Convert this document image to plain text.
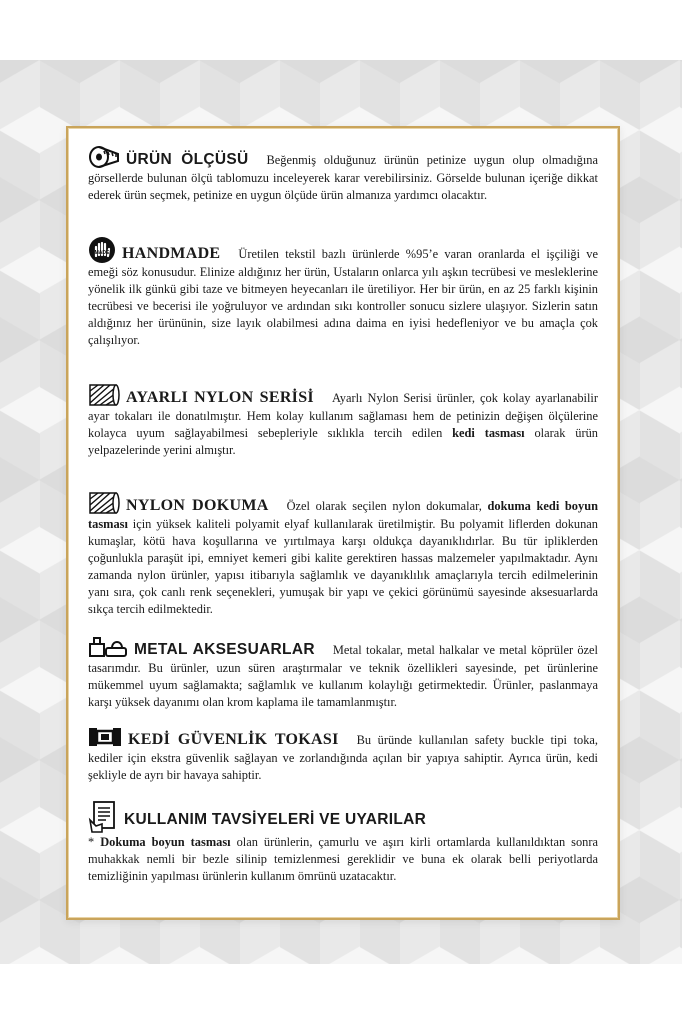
ÜRÜN ÖLÇÜSÜ Beğenmiş olduğunuz ürünün petinize uygun olup olmadığına görsellerde bulunan ölçü tablomuzu inceleyerek karar verebilirsiniz. Görselde bulunan içeriğe dikkat ederek ürün seçmek, petinize en uygun ölçüde ürün almanıza yardımcı olacaktır.

MADE HANDMADE Üretilen tekstil bazlı ürünlerde %95’e varan oranlarda el işçiliği ve emeği söz konusudur. Elinize aldığınız her ürün, Ustaların onlarca yılı aşkın tecrübesi ve mesleklerine yönelik ilk günkü gibi taze ve bitmeyen heyecanları ile üretiliyor. Her bir ürün, en az 25 farklı kişinin tecrübesi ve becerisi ile yoğruluyor ve ardından sıkı kontroller sonucu sizlere ulaşıyor. Sizlerin satın aldığınız her ürününin, size layık olabilmesi adına daima en iyisi hedefleniyor ve bu amaçla çok çalışılıyor.

AYARLI NYLON SERİSİ Ayarlı Nylon Serisi ürünler, çok kolay ayarlanabilir ayar tokaları ile donatılmıştır. Hem kolay kullanım sağlaması hem de petinizin değişen ölçülerine kolayca uyum sağlayabilmesi sebepleriyle sıklıkla tercih edilen kedi tasması olarak ürün yelpazelerinde yerini almıştır.

NYLON DOKUMA Özel olarak seçilen nylon dokumalar, dokuma kedi boyun tasması için yüksek kaliteli polyamit elyaf kullanılarak üretilmiştir. Bu polyamit liflerden dokunan kumaşlar, kötü hava koşullarına ve yırtılmaya karşı oldukça dayanıklıdırlar. Bu tür ipliklerden çoğunlukla paraşüt ipi, emniyet kemeri gibi kalite gerektiren hassas malzemeler yapılmaktadır. Aynı zamanda nylon ürünler, yapısı itibarıyla sağlamlık ve dayanıklılık amaçlarıyla tercih edilmelerinin yanı sıra, çok canlı renk seçenekleri, yumuşak bir yapı ve çekici görünümü sayesinde aksesuarlarda sıkça tercih edilmektedir.

METAL AKSESUARLAR Metal tokalar, metal halkalar ve metal köprüler özel tasarımdır. Bu ürünler, uzun süren araştırmalar ve teknik özellikleri sayesinde, pet ürünlerine mükemmel uyum sağlamakta; sağlamlık ve kullanım kolaylığı getirmektedir. Ürünler, paslanmaya karşı yüksek dayanımı olan krom kaplama ile tamamlanmıştır.

KEDİ GÜVENLİK TOKASI Bu üründe kullanılan safety buckle tipi toka, kediler için ekstra güvenlik sağlayan ve zorlandığında açılan bir yapıya sahiptir. Ayrıca ürün, kedi şekliyle de ayrı bir havaya sahiptir.

KULLANIM TAVSİYELERİ VE UYARILAR
* Dokuma boyun tasması olan ürünlerin, çamurlu ve aşırı kirli ortamlarda kullanıldıktan sonra muhakkak nemli bir bezle silinip temizlenmesi gereklidir ve buna ek olarak belli periyotlarda temizliğinin yapılması ürünlerin kullanım ömrünü uzatacaktır.
